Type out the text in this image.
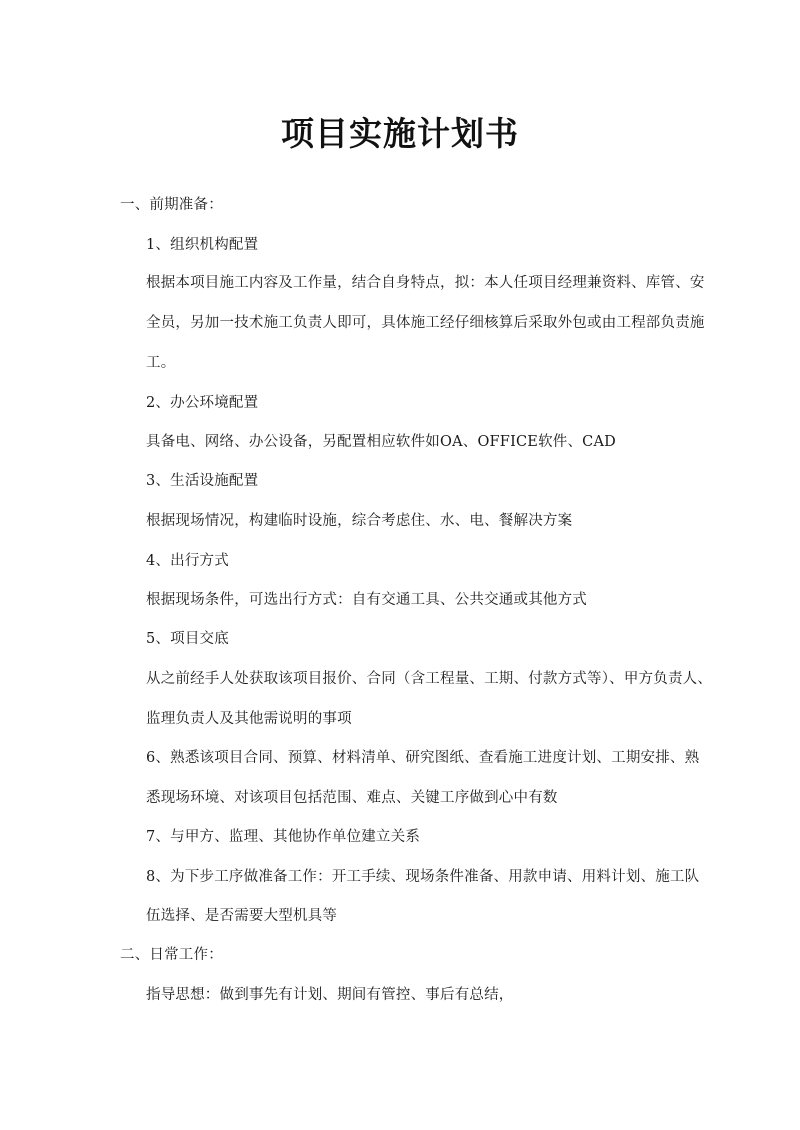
项目实施计划书
一、前期准备：
1、组织机构配置
根据本项目施工内容及工作量，结合自身特点，拟：本人任项目经理兼资料、库管、安
全员，另加一技术施工负责人即可，具体施工经仔细核算后采取外包或由工程部负责施
工。
2、办公环境配置
具备电、网络、办公设备，另配置相应软件如OA、OFFICE软件、CAD
3、生活设施配置
根据现场情况，构建临时设施，综合考虑住、水、电、餐解决方案
4、出行方式
根据现场条件，可选出行方式：自有交通工具、公共交通或其他方式
5、项目交底
从之前经手人处获取该项目报价、合同（含工程量、工期、付款方式等）、甲方负责人、
监理负责人及其他需说明的事项
6、熟悉该项目合同、预算、材料清单、研究图纸、查看施工进度计划、工期安排、熟
悉现场环境、对该项目包括范围、难点、关键工序做到心中有数
7、与甲方、监理、其他协作单位建立关系
8、为下步工序做准备工作：开工手续、现场条件准备、用款申请、用料计划、施工队
伍选择、是否需要大型机具等
二、日常工作：
指导思想：做到事先有计划、期间有管控、事后有总结，
